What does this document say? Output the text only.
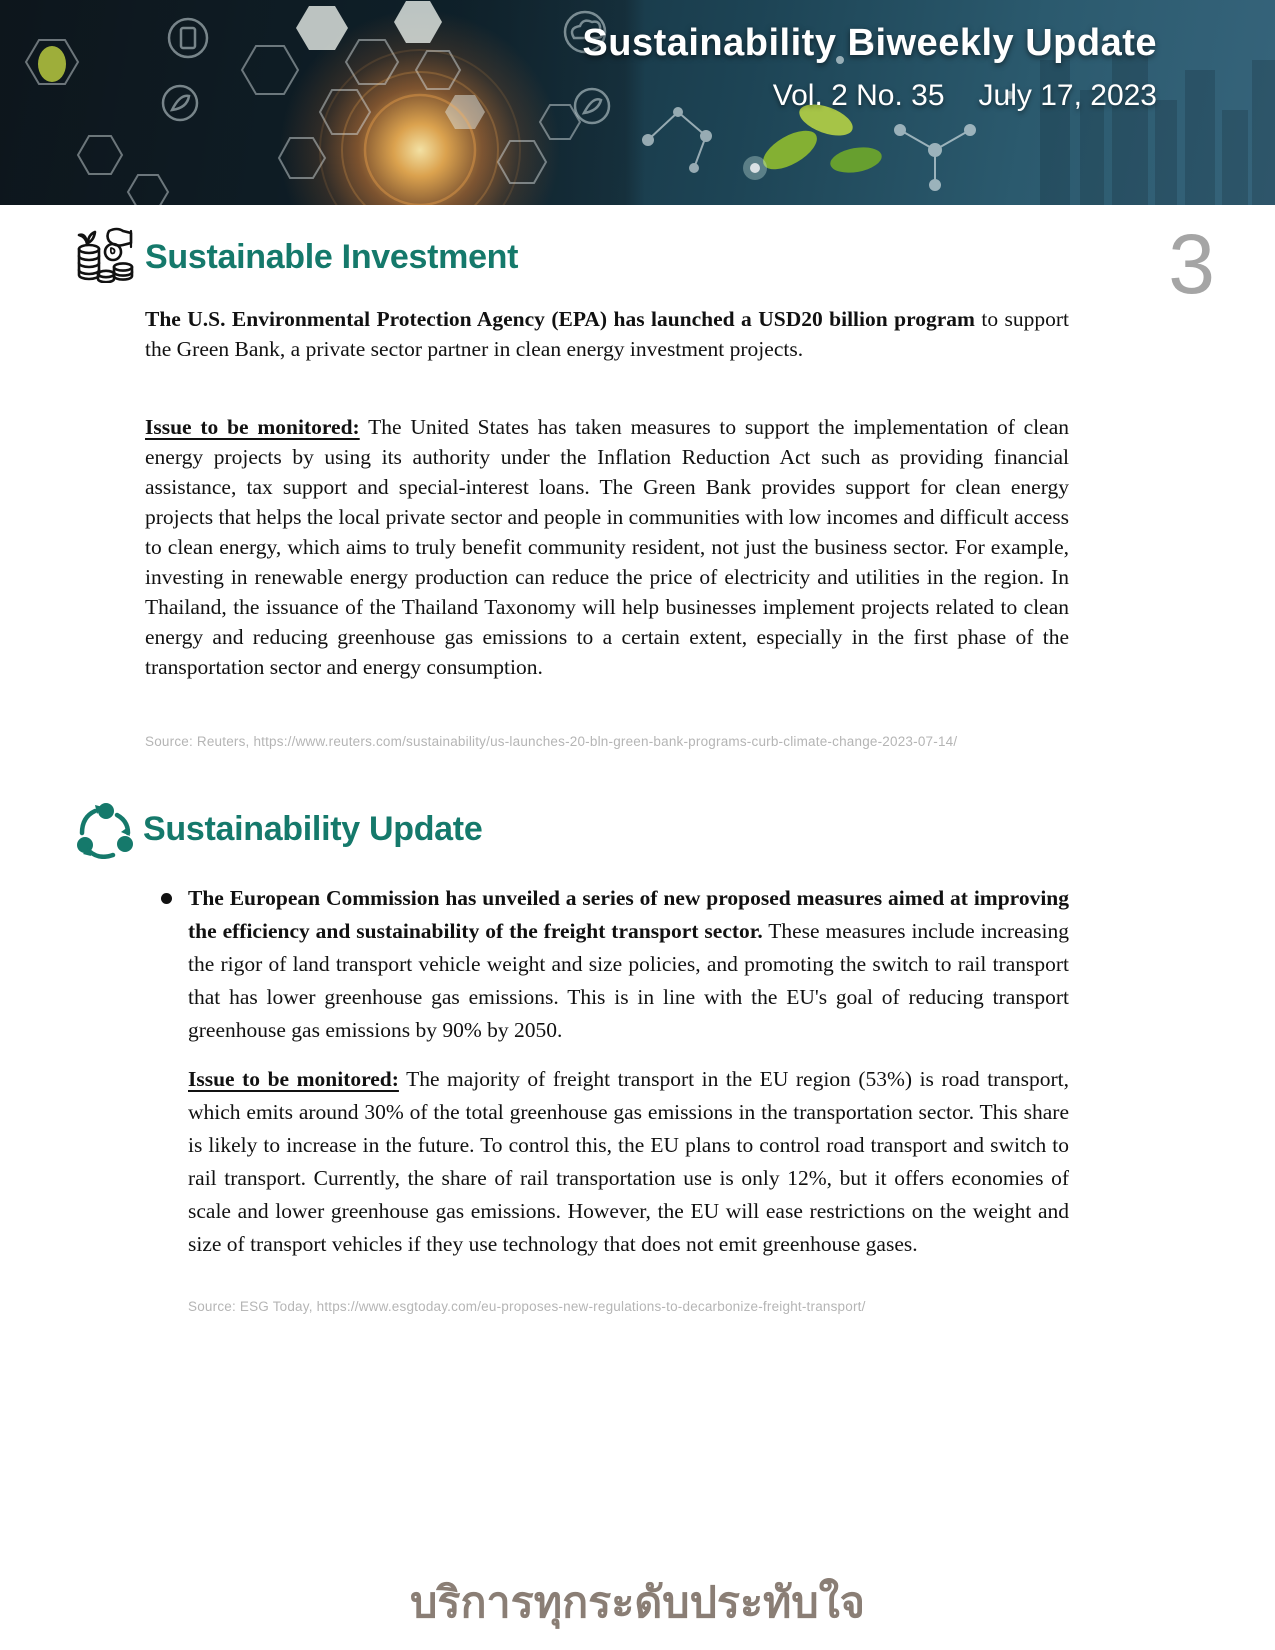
Sustainability Biweekly Update
Vol. 2 No. 35 July 17, 2023
3
Sustainable Investment

The U.S. Environmental Protection Agency (EPA) has launched a USD20 billion program to support the Green Bank, a private sector partner in clean energy investment projects.

Issue to be monitored: The United States has taken measures to support the implementation of clean energy projects by using its authority under the Inflation Reduction Act such as providing financial assistance, tax support and special-interest loans. The Green Bank provides support for clean energy projects that helps the local private sector and people in communities with low incomes and difficult access to clean energy, which aims to truly benefit community resident, not just the business sector. For example, investing in renewable energy production can reduce the price of electricity and utilities in the region. In Thailand, the issuance of the Thailand Taxonomy will help businesses implement projects related to clean energy and reducing greenhouse gas emissions to a certain extent, especially in the first phase of the transportation sector and energy consumption.

Source: Reuters, https://www.reuters.com/sustainability/us-launches-20-bln-green-bank-programs-curb-climate-change-2023-07-14/

Sustainability Update

The European Commission has unveiled a series of new proposed measures aimed at improving the efficiency and sustainability of the freight transport sector. These measures include increasing the rigor of land transport vehicle weight and size policies, and promoting the switch to rail transport that has lower greenhouse gas emissions. This is in line with the EU's goal of reducing transport greenhouse gas emissions by 90% by 2050.

Issue to be monitored: The majority of freight transport in the EU region (53%) is road transport, which emits around 30% of the total greenhouse gas emissions in the transportation sector. This share is likely to increase in the future. To control this, the EU plans to control road transport and switch to rail transport. Currently, the share of rail transportation use is only 12%, but it offers economies of scale and lower greenhouse gas emissions. However, the EU will ease restrictions on the weight and size of transport vehicles if they use technology that does not emit greenhouse gases.

Source: ESG Today, https://www.esgtoday.com/eu-proposes-new-regulations-to-decarbonize-freight-transport/

บริการทุกระดับประทับใจ
